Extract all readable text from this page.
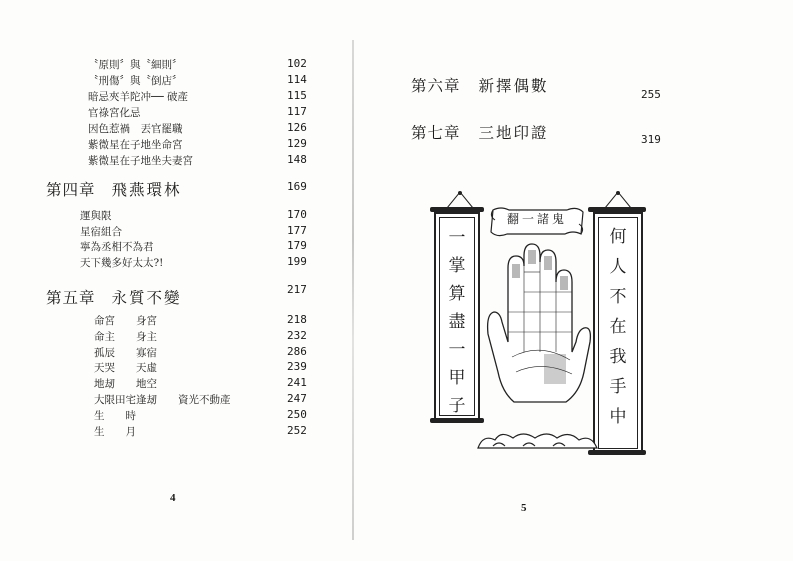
〝原則〞與〝細則〞	102
〝刑傷〞與〝倒店〞	114
暗忌夾羊陀冲── 破產	115
官祿宮化忌	117
因色惹禍　丟官罷職	126
紫微星在子地坐命宮	129
紫微星在子地坐夫妻宮	148
第四章 飛燕環林	169
運與限	170
星宿組合	177
寧為丞相不為君	179
天下幾多好太太?!	199
第五章 永質不變	217
命宮　　身宮	218
命主　　身主	232
孤辰　　寡宿	286
天哭　　天虛	239
地刼　　地空	241
大限田宅逢刼　　資光不動產	247
生　　時	250
生　　月	252
4
第六章 新擇偶數	255
第七章 三地印證	319
一
掌
算
盡
一
甲
子
何
人
不
在
我
手
中
翻一諸鬼
5
